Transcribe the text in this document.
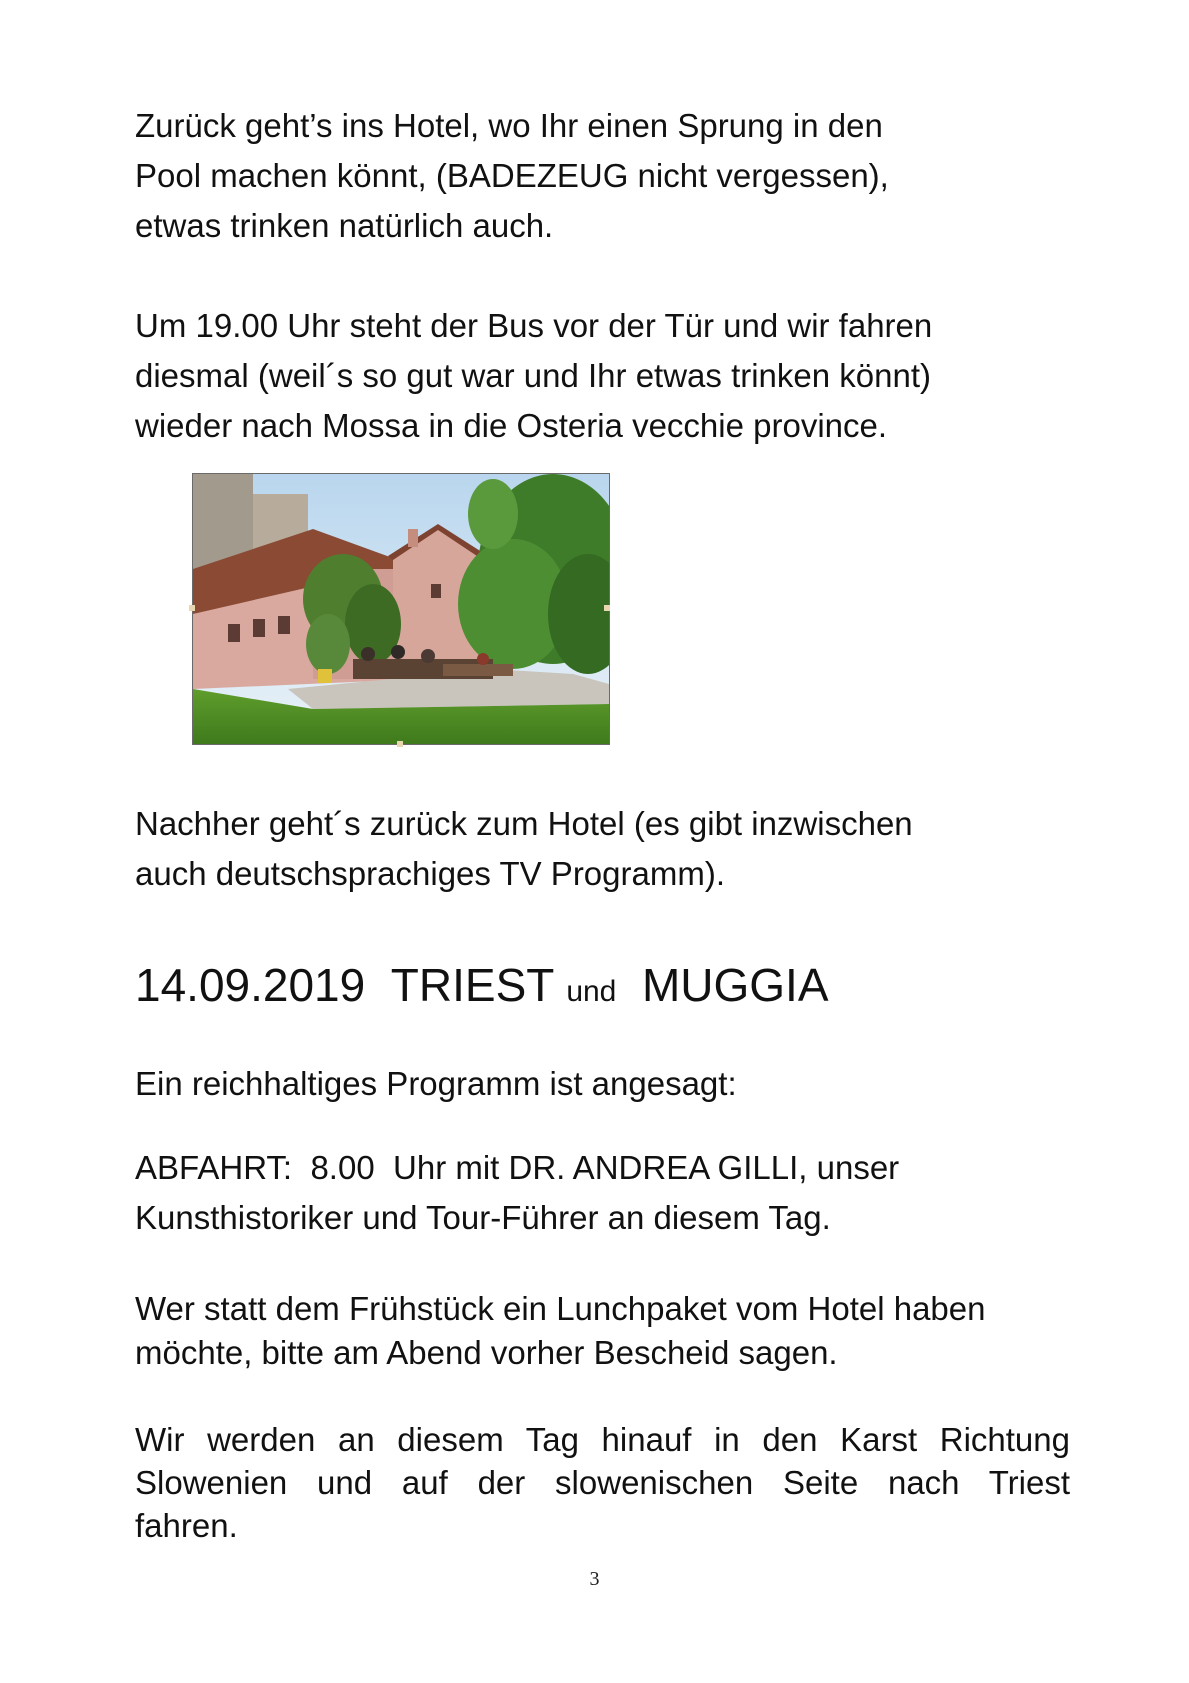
Zurück geht’s ins Hotel, wo Ihr einen Sprung in den
Pool machen könnt, (BADEZEUG nicht vergessen),
etwas trinken natürlich auch.

Um 19.00 Uhr steht der Bus vor der Tür und wir fahren
diesmal (weil´s so gut war und Ihr etwas trinken könnt)
wieder nach Mossa in die Osteria vecchie province.

Nachher geht´s zurück zum Hotel (es gibt inzwischen
auch deutschsprachiges TV Programm).

14.09.2019 TRIEST und MUGGIA

Ein reichhaltiges Programm ist angesagt:

ABFAHRT:  8.00  Uhr mit DR. ANDREA GILLI, unser
Kunsthistoriker und Tour-Führer an diesem Tag.

Wer statt dem Frühstück ein Lunchpaket vom Hotel haben
möchte, bitte am Abend vorher Bescheid sagen.

Wir werden an diesem Tag hinauf in den Karst Richtung
Slowenien und auf der slowenischen Seite nach Triest
fahren.

3
